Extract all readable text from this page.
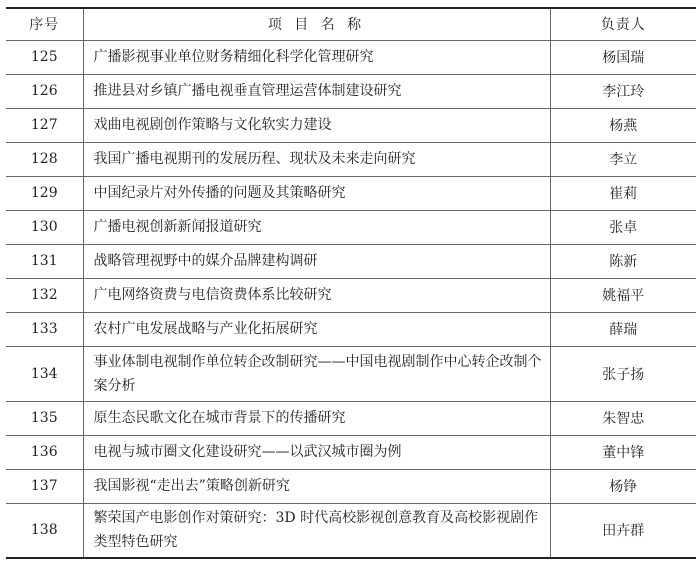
序号	项 目 名 称	负责人
125	广播影视事业单位财务精细化科学化管理研究	杨国瑞
126	推进县对乡镇广播电视垂直管理运营体制建设研究	李江玲
127	戏曲电视剧创作策略与文化软实力建设	杨燕
128	我国广播电视期刊的发展历程、现状及未来走向研究	李立
129	中国纪录片对外传播的问题及其策略研究	崔莉
130	广播电视创新新闻报道研究	张卓
131	战略管理视野中的媒介品牌建构调研	陈新
132	广电网络资费与电信资费体系比较研究	姚福平
133	农村广电发展战略与产业化拓展研究	薛瑞
134	事业体制电视制作单位转企改制研究——中国电视剧制作中心转企改制个案分析	张子扬
135	原生态民歌文化在城市背景下的传播研究	朱智忠
136	电视与城市圈文化建设研究——以武汉城市圈为例	董中锋
137	我国影视“走出去”策略创新研究	杨铮
138	繁荣国产电影创作对策研究：3D 时代高校影视创意教育及高校影视剧作类型特色研究	田卉群
